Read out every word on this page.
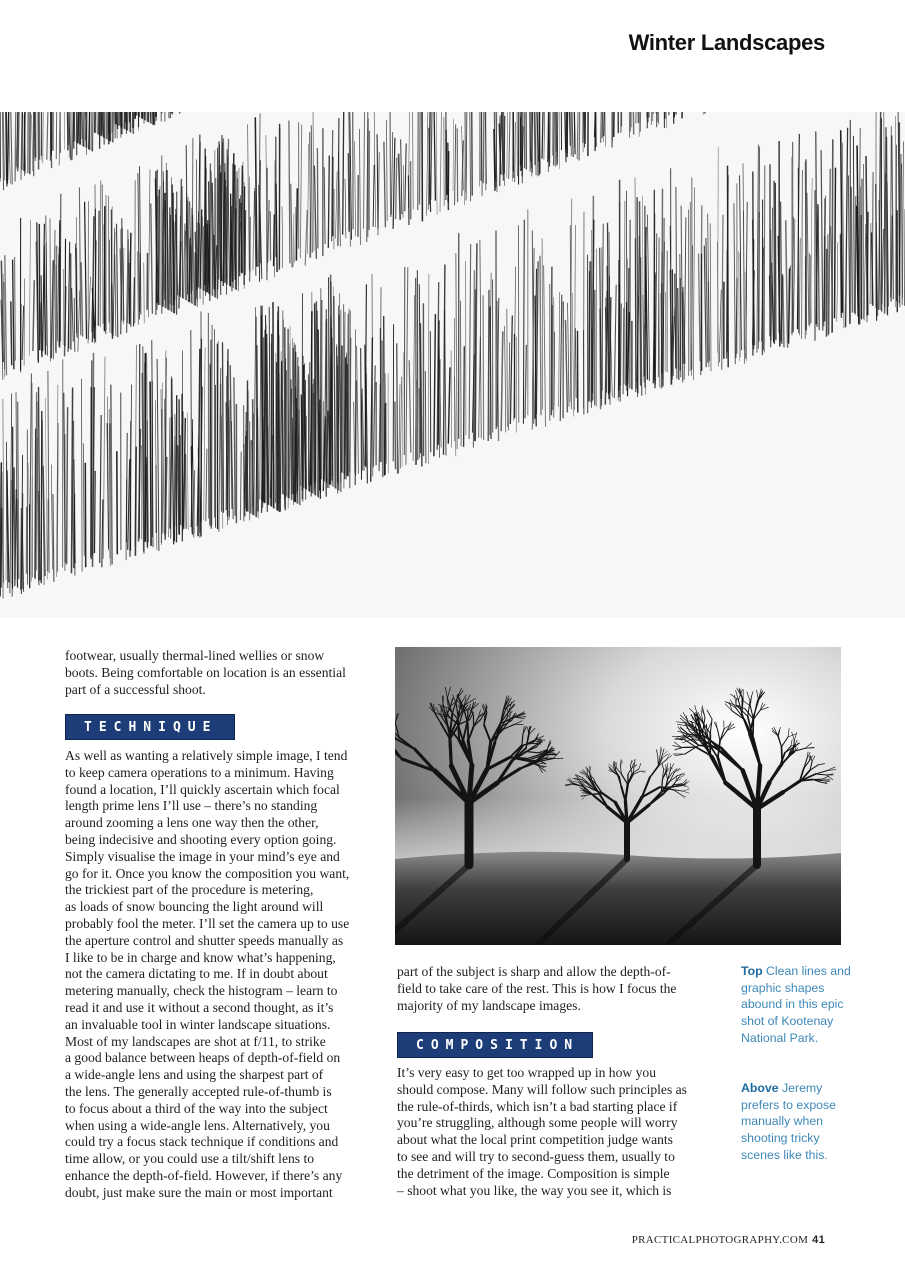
Winter Landscapes

footwear, usually thermal-lined wellies or snow
boots. Being comfortable on location is an essential
part of a successful shoot.

TECHNIQUE

As well as wanting a relatively simple image, I tend
to keep camera operations to a minimum. Having
found a location, I’ll quickly ascertain which focal
length prime lens I’ll use – there’s no standing
around zooming a lens one way then the other,
being indecisive and shooting every option going.
Simply visualise the image in your mind’s eye and
go for it. Once you know the composition you want,
the trickiest part of the procedure is metering,
as loads of snow bouncing the light around will
probably fool the meter. I’ll set the camera up to use
the aperture control and shutter speeds manually as
I like to be in charge and know what’s happening,
not the camera dictating to me. If in doubt about
metering manually, check the histogram – learn to
read it and use it without a second thought, as it’s
an invaluable tool in winter landscape situations.
Most of my landscapes are shot at f/11, to strike
a good balance between heaps of depth-of-field on
a wide-angle lens and using the sharpest part of
the lens. The generally accepted rule-of-thumb is
to focus about a third of the way into the subject
when using a wide-angle lens. Alternatively, you
could try a focus stack technique if conditions and
time allow, or you could use a tilt/shift lens to
enhance the depth-of-field. However, if there’s any
doubt, just make sure the main or most important

part of the subject is sharp and allow the depth-of-
field to take care of the rest. This is how I focus the
majority of my landscape images.

COMPOSITION

It’s very easy to get too wrapped up in how you
should compose. Many will follow such principles as
the rule-of-thirds, which isn’t a bad starting place if
you’re struggling, although some people will worry
about what the local print competition judge wants
to see and will try to second-guess them, usually to
the detriment of the image. Composition is simple
– shoot what you like, the way you see it, which is

Top Clean lines and graphic shapes abound in this epic shot of Kootenay National Park.

Above Jeremy prefers to expose manually when shooting tricky scenes like this.

PRACTICALPHOTOGRAPHY.COM 41
